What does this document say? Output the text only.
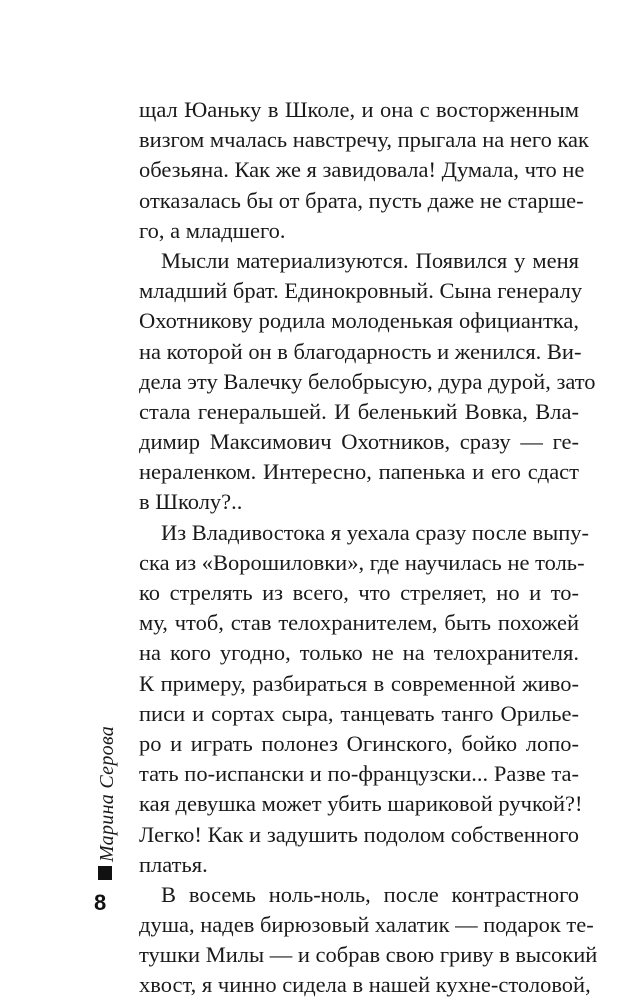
щал Юаньку в Школе, и она с восторженным
визгом мчалась навстречу, прыгала на него как
обезьяна. Как же я завидовала! Думала, что не
отказалась бы от брата, пусть даже не старше-
го, а младшего.
Мысли материализуются. Появился у меня
младший брат. Единокровный. Сына генералу
Охотникову родила молоденькая официантка,
на которой он в благодарность и женился. Ви-
дела эту Валечку белобрысую, дура дурой, зато
стала генеральшей. И беленький Вовка, Вла-
димир Максимович Охотников, сразу — ге-
нераленком. Интересно, папенька и его сдаст
в Школу?..
Из Владивостока я уехала сразу после выпу-
ска из «Ворошиловки», где научилась не толь-
ко стрелять из всего, что стреляет, но и то-
му, чтоб, став телохранителем, быть похожей
на кого угодно, только не на телохранителя.
К примеру, разбираться в современной живо-
писи и сортах сыра, танцевать танго Орилье-
ро и играть полонез Огинского, бойко лопо-
тать по-испански и по-французски... Разве та-
кая девушка может убить шариковой ручкой?!
Легко! Как и задушить подолом собственного
платья.
В восемь ноль-ноль, после контрастного
душа, надев бирюзовый халатик — подарок те-
тушки Милы — и собрав свою гриву в высокий
хвост, я чинно сидела в нашей кухне-столовой,
Марина Серова
8
